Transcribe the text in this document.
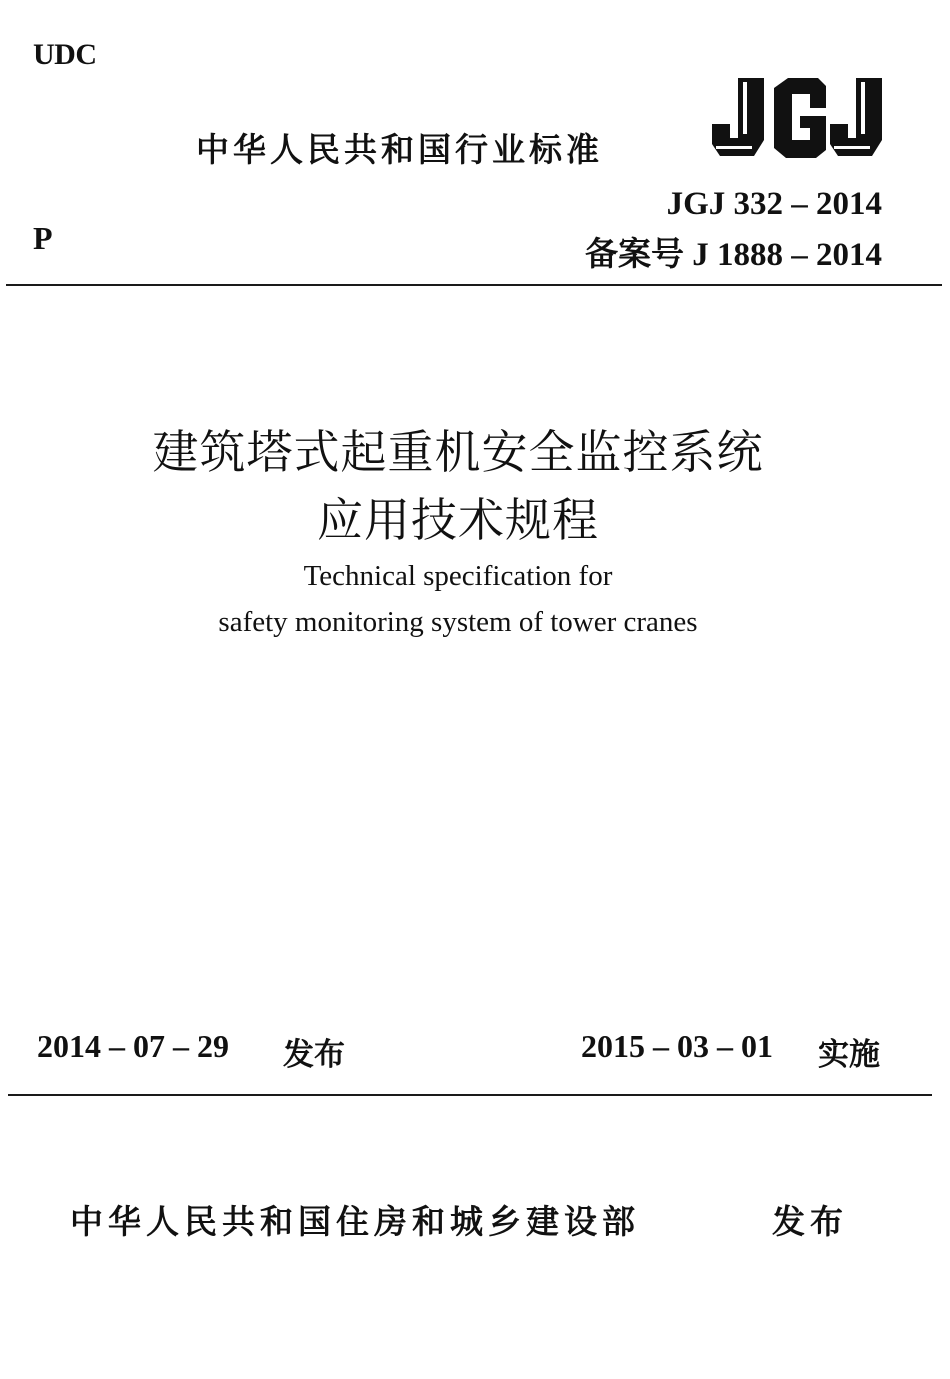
UDC
P
中华人民共和国行业标准
JGJ 332 – 2014
备案号 J 1888 – 2014
建筑塔式起重机安全监控系统
应用技术规程
Technical specification for
safety monitoring system of tower cranes
2014 – 07 – 29 发布	2015 – 03 – 01 实施
中华人民共和国住房和城乡建设部	发布
